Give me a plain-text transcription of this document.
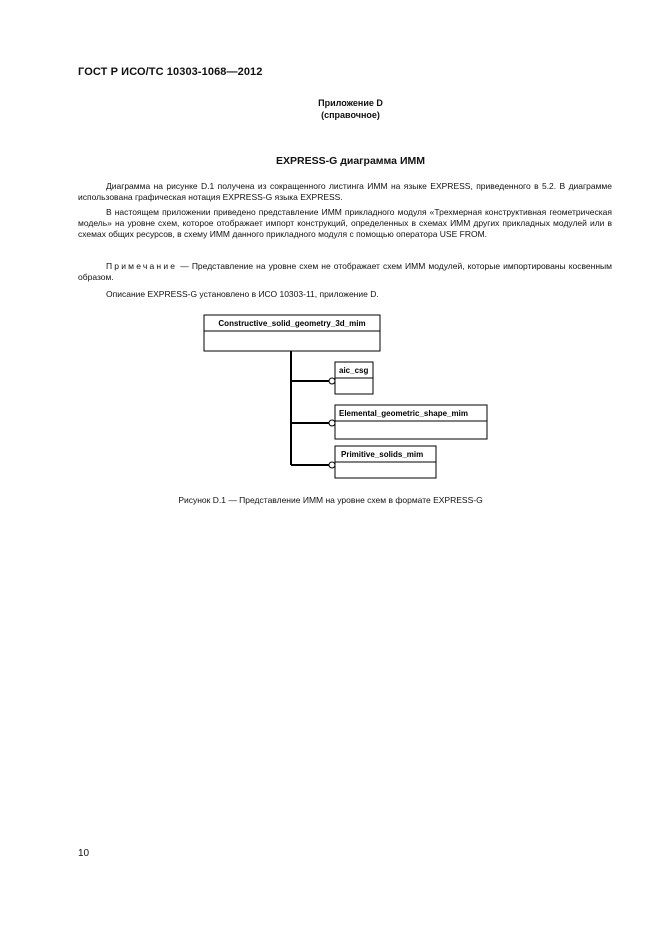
ГОСТ Р ИСО/ТС 10303-1068—2012
Приложение D
(справочное)
EXPRESS-G диаграмма ИММ
Диаграмма на рисунке D.1 получена из сокращенного листинга ИММ на языке EXPRESS, приведенного в 5.2. В диаграмме использована графическая нотация EXPRESS-G языка EXPRESS.
В настоящем приложении приведено представление ИММ прикладного модуля «Трехмерная конструктивная геометрическая модель» на уровне схем, которое отображает импорт конструкций, определенных в схемах ИММ других прикладных модулей или в схемах общих ресурсов, в схему ИММ данного прикладного модуля с помощью оператора USE FROM.
Примечание — Представление на уровне схем не отображает схем ИММ модулей, которые импортированы косвенным образом.
Описание EXPRESS-G установлено в ИСО 10303-11, приложение D.
Constructive_solid_geometry_3d_mim
aic_csg
Elemental_geometric_shape_mim
Primitive_solids_mim
Рисунок D.1 — Представление ИММ на уровне схем в формате EXPRESS-G
10
